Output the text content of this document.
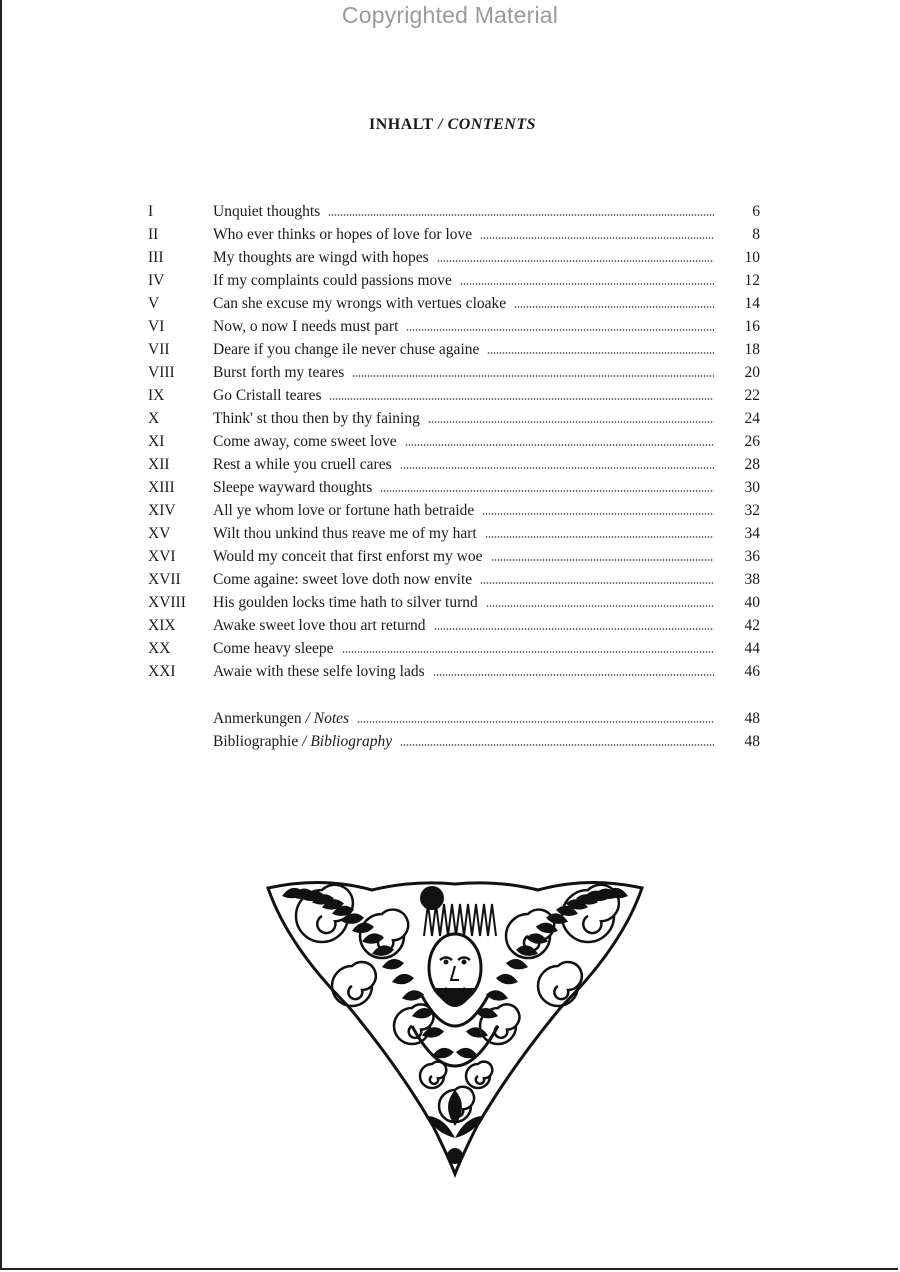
Copyrighted Material
INHALT / CONTENTS
I	Unquiet thoughts	6
II	Who ever thinks or hopes of love for love	8
III	My thoughts are wingd with hopes	10
IV	If my complaints could passions move	12
V	Can she excuse my wrongs with vertues cloake	14
VI	Now, o now I needs must part	16
VII	Deare if you change ile never chuse againe	18
VIII	Burst forth my teares	20
IX	Go Cristall teares	22
X	Think' st thou then by thy faining	24
XI	Come away, come sweet love	26
XII	Rest a while you cruell cares	28
XIII	Sleepe wayward thoughts	30
XIV	All ye whom love or fortune hath betraide	32
XV	Wilt thou unkind thus reave me of my hart	34
XVI	Would my conceit that first enforst my woe	36
XVII	Come againe: sweet love doth now envite	38
XVIII	His goulden locks time hath to silver turnd	40
XIX	Awake sweet love thou art returnd	42
XX	Come heavy sleepe	44
XXI	Awaie with these selfe loving lads	46
Anmerkungen / Notes	48
Bibliographie / Bibliography	48
